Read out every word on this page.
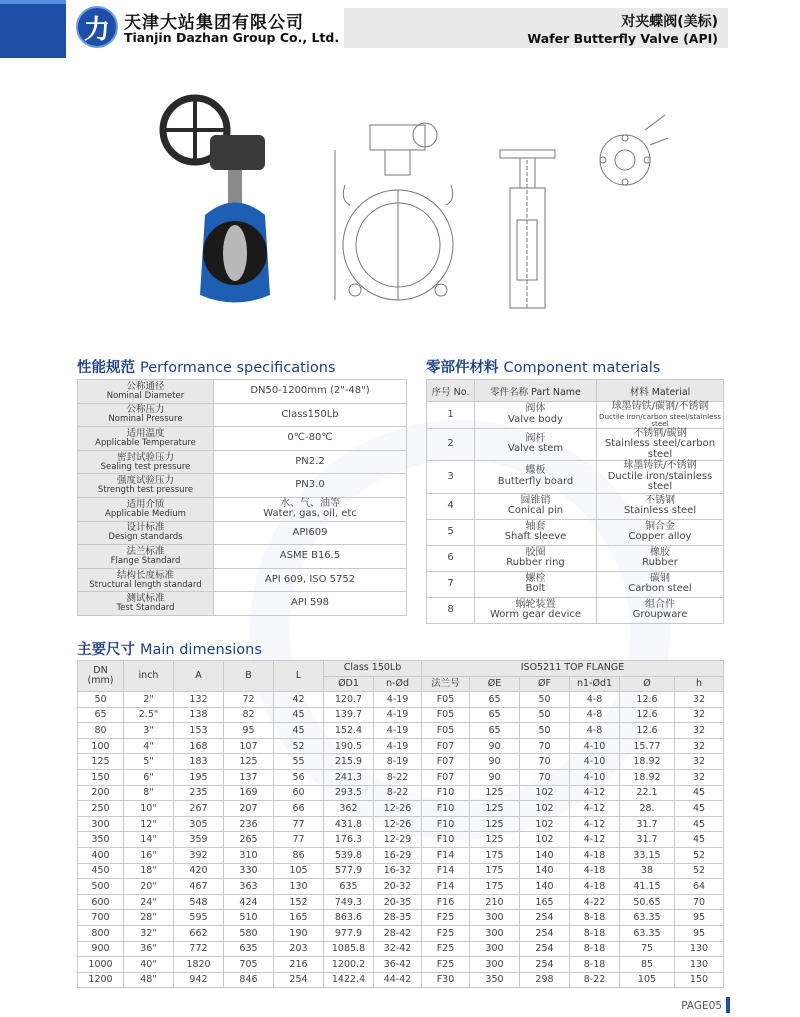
力 天津大站集团有限公司
Tianjin Dazhan Group Co., Ltd.
对夹蝶阀(美标)
Wafer Butterfly Valve (API)
性能规范 Performance specifications	零部件材料 Component materials
主要尺寸 Main dimensions
公称通径
Nominal Diameter	DN50-1200mm (2"-48")

公称压力
Nominal Pressure	Class150Lb

适用温度
Applicable Temperature	0℃-80℃

密封试验压力
Sealing test pressure	PN2.2

强度试验压力
Strength test pressure	PN3.0

适用介质
Applicable Medium	水、气、油等
Water, gas, oil, etc

设计标准
Design standards	API609

法兰标准
Flange Standard	ASME B16.5

结构长度标准
Structural length standard	API 609, ISO 5752

测试标准
Test Standard	API 598
序号 No.	零件名称 Part Name	材料 Material
1	阀体
Valve body	球墨铸铁/碳钢/不锈钢
Ductile iron/carbon steel/stainless steel

2	阀杆
Valve stem	不锈钢/碳钢
Stainless steel/carbon steel

3	蝶板
Butterfly board	球墨铸铁/不锈钢
Ductile iron/stainless steel

4	圆锥销
Conical pin	不锈钢
Stainless steel

5	轴套
Shaft sleeve	铜合金
Copper alloy

6	胶圈
Rubber ring	橡胶
Rubber

7	螺栓
Bolt	碳钢
Carbon steel

8	蜗轮装置
Worm gear device	组合件
Groupware
DN
(mm)	inch	A	B	L	Class 150Lb		ISO5211 TOP FLANGE					
					ØD1	n-Ød	法兰号	ØE	ØF	n1-Ød1	Ø	h
50	2"	132	72	42	120.7	4-19	F05	65	50	4-8	12.6	32
65	2.5"	138	82	45	139.7	4-19	F05	65	50	4-8	12.6	32
80	3"	153	95	45	152.4	4-19	F05	65	50	4-8	12.6	32
100	4"	168	107	52	190.5	4-19	F07	90	70	4-10	15.77	32
125	5"	183	125	55	215.9	8-19	F07	90	70	4-10	18.92	32
150	6"	195	137	56	241.3	8-22	F07	90	70	4-10	18.92	32
200	8"	235	169	60	293.5	8-22	F10	125	102	4-12	22.1	45
250	10"	267	207	66	362	12-26	F10	125	102	4-12	28.	45
300	12"	305	236	77	431.8	12-26	F10	125	102	4-12	31.7	45
350	14"	359	265	77	176.3	12-29	F10	125	102	4-12	31.7	45
400	16"	392	310	86	539.8	16-29	F14	175	140	4-18	33.15	52
450	18"	420	330	105	577.9	16-32	F14	175	140	4-18	38	52
500	20"	467	363	130	635	20-32	F14	175	140	4-18	41.15	64
600	24"	548	424	152	749.3	20-35	F16	210	165	4-22	50.65	70
700	28"	595	510	165	863.6	28-35	F25	300	254	8-18	63.35	95
800	32"	662	580	190	977.9	28-42	F25	300	254	8-18	63.35	95
900	36"	772	635	203	1085.8	32-42	F25	300	254	8-18	75	130
1000	40"	1820	705	216	1200.2	36-42	F25	300	254	8-18	85	130
1200	48"	942	846	254	1422.4	44-42	F30	350	298	8-22	105	150
PAGE05
